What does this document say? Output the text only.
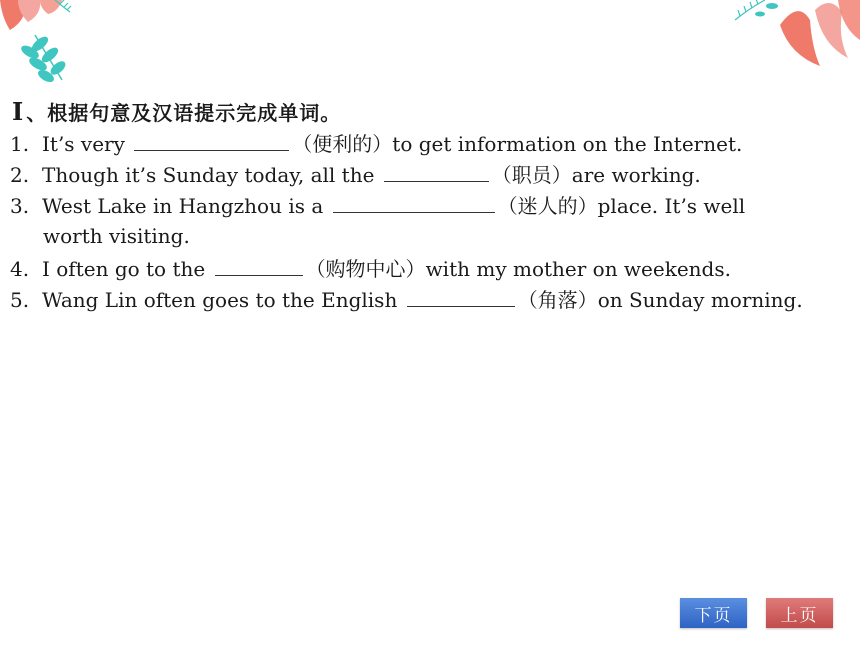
Ⅰ 、根据句意及汉语提示完成单词。
1. It’s very	（便利的）to get information on the Internet.
2. Though it’s Sunday today, all the	（职员）are working.
3. West Lake in Hangzhou is a	（迷人的）place. It’s well
worth visiting.
4. I often go to the	（购物中心）with my mother on weekends.
5. Wang Lin often goes to the English	（角落）on Sunday morning.
下页	上页
